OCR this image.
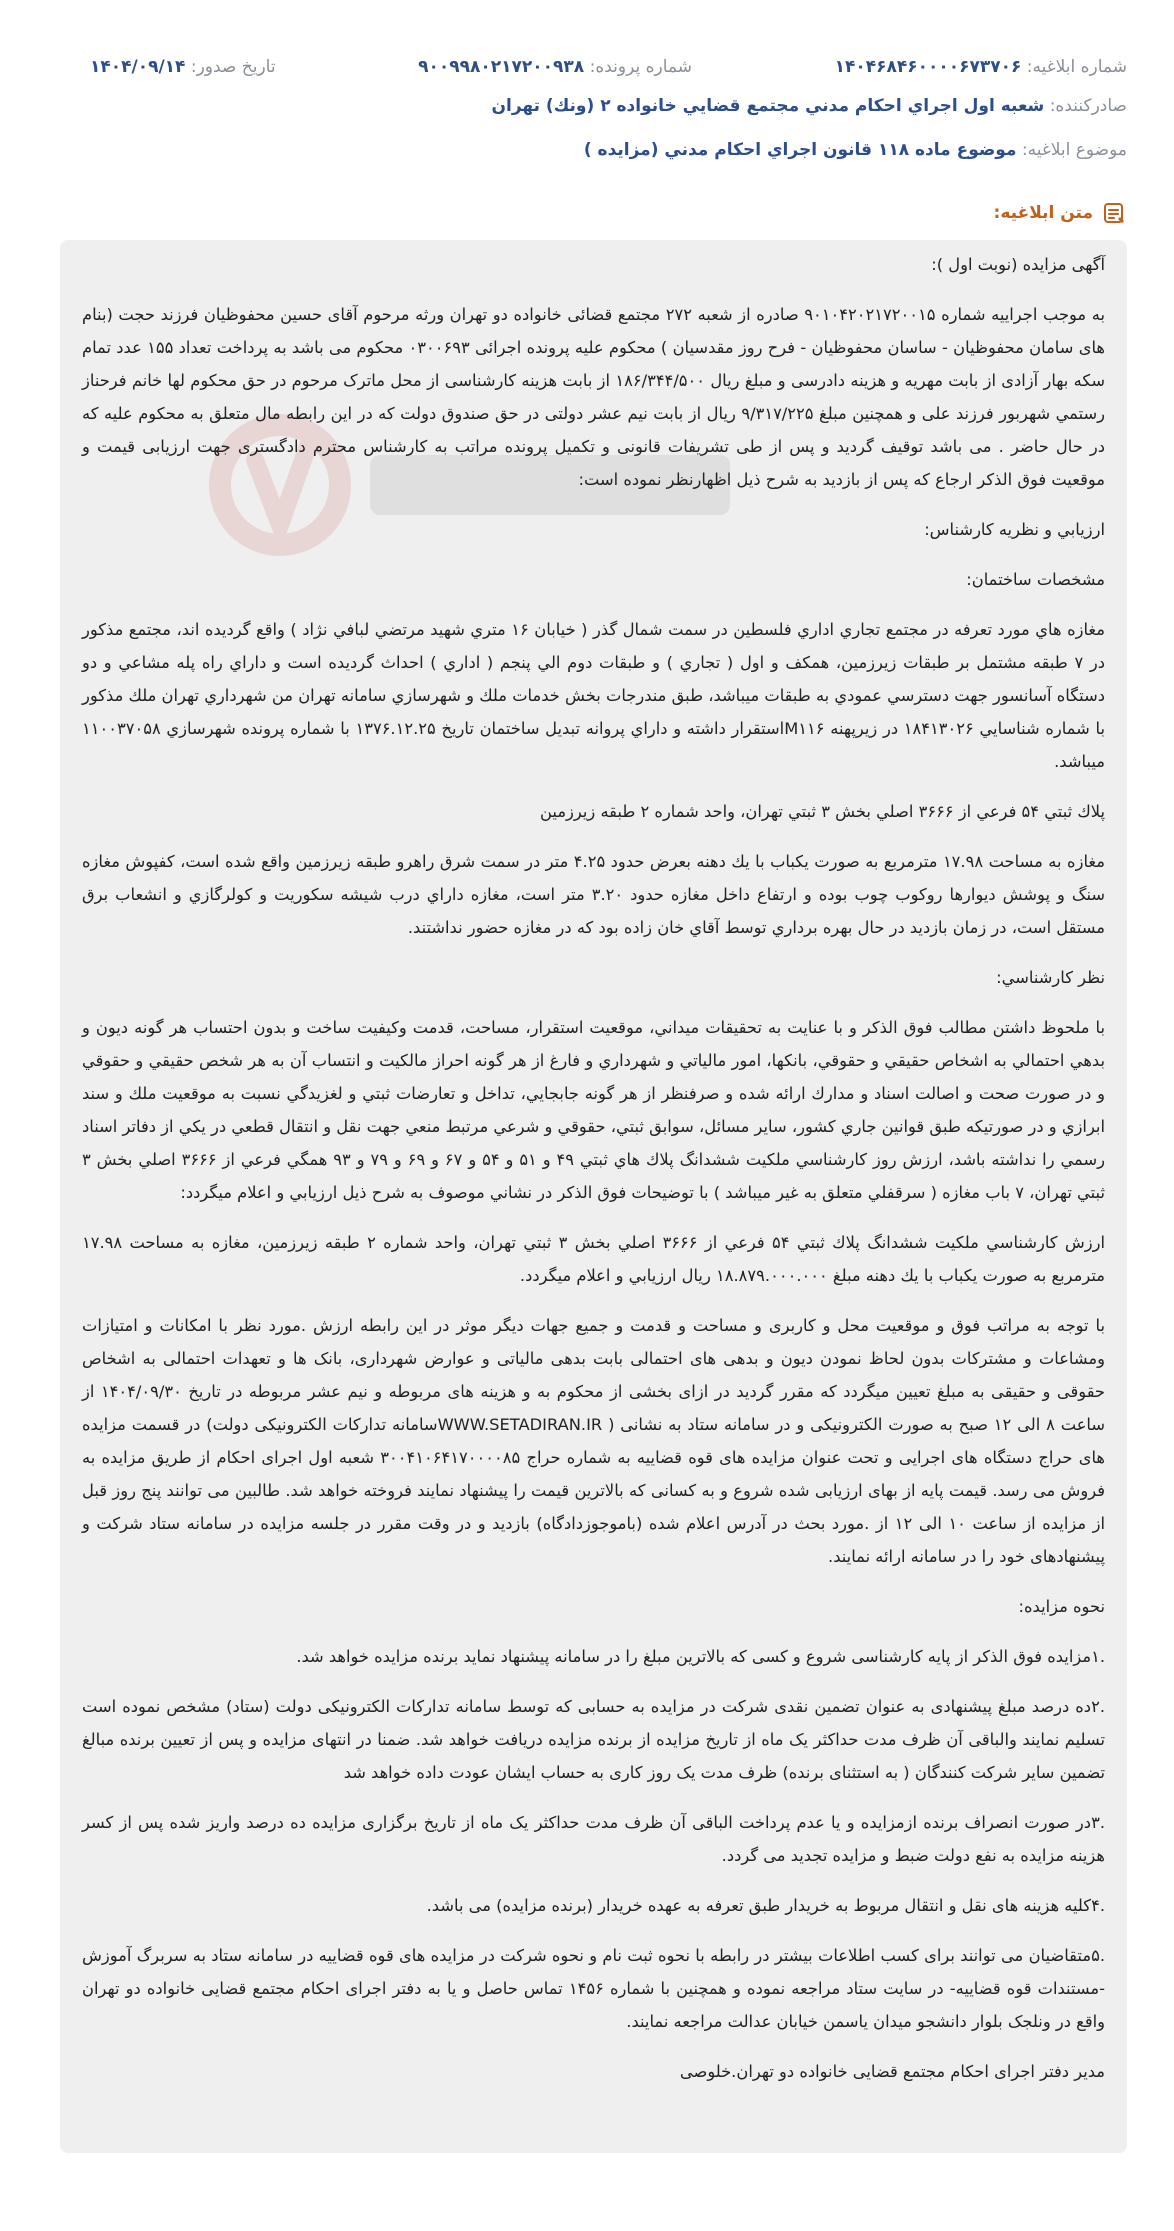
شماره ابلاغيه: ۱۴۰۴۶۸۴۶۰۰۰۰۶۷۳۷۰۶
شماره پرونده: ۹۰۰۹۹۸۰۲۱۷۲۰۰۹۳۸
تاريخ صدور: ۱۴۰۴/۰۹/۱۴
صادرکننده: شعبه اول اجراي احكام مدني مجتمع قضايي خانواده ۲ (ونك) تهران
موضوع ابلاغیه: موضوع ماده ۱۱۸ قانون اجراي احكام مدني (مزايده )
متن ابلاغیه:

آگهی مزایده (نوبت اول ):

به موجب اجراييه شماره ۹۰۱۰۴۲۰۲۱۷۲۰۰۱۵ صادره از شعبه ۲۷۲ مجتمع قضائی خانواده دو تهران ورثه مرحوم آقای حسین محفوظیان فرزند حجت (بنام های سامان محفوظیان - ساسان محفوظیان - فرح روز مقدسیان ) محکوم علیه پرونده اجرائی ۰۳۰۰۶۹۳ محکوم می باشد به پرداخت تعداد ۱۵۵ عدد تمام سکه بهار آزادی از بابت مهریه و هزینه دادرسی و مبلغ ریال ۱۸۶/۳۴۴/۵۰۰ از بابت هزینه کارشناسی از محل ماترک مرحوم در حق محکوم لها خانم فرحناز رستمي شهربور فرزند علی و همچنین مبلغ ۹/۳۱۷/۲۲۵ ریال از بابت نیم عشر دولتی در حق صندوق دولت که در این رابطه مال متعلق به محکوم علیه که در حال حاضر . می باشد توقیف گردید و پس از طی تشریفات قانونی و تکمیل پرونده مراتب به کارشناس محترم دادگستری جهت ارزیابی قیمت و موقعیت فوق الذکر ارجاع که پس از بازدید به شرح ذیل اظهارنظر نموده است:

ارزيابي و نظريه كارشناس:

مشخصات ساختمان:

مغازه هاي مورد تعرفه در مجتمع تجاري اداري فلسطين در سمت شمال گذر ( خيابان ۱۶ متري شهيد مرتضي لبافي نژاد ) واقع گرديده اند، مجتمع مذكور در ۷ طبقه مشتمل بر طبقات زيرزمين، همكف و اول ( تجاري ) و طبقات دوم الي پنجم ( اداري ) احداث گرديده است و داراي راه پله مشاعي و دو دستگاه آسانسور جهت دسترسي عمودي به طبقات ميباشد، طبق مندرجات بخش خدمات ملك و شهرسازي سامانه تهران من شهرداري تهران ملك مذكور با شماره شناسايي ۱۸۴۱۳۰۲۶ در زيرپهنه M۱۱۶استقرار داشته و داراي پروانه تبديل ساختمان تاريخ ۱۳۷۶.۱۲.۲۵ با شماره پرونده شهرسازي ۱۱۰۰۳۷۰۵۸ ميباشد.

پلاك ثبتي ۵۴ فرعي از ۳۶۶۶ اصلي بخش ۳ ثبتي تهران، واحد شماره ۲ طبقه زيرزمين

مغازه به مساحت ۱۷.۹۸ مترمربع به صورت يكباب با يك دهنه بعرض حدود ۴.۲۵ متر در سمت شرق راهرو طبقه زيرزمين واقع شده است، كفپوش مغازه سنگ و پوشش ديوارها روكوب چوب بوده و ارتفاع داخل مغازه حدود ۳.۲۰ متر است، مغازه داراي درب شيشه سكوريت و كولرگازي و انشعاب برق مستقل است، در زمان بازديد در حال بهره برداري توسط آقاي خان زاده بود كه در مغازه حضور نداشتند.

نظر كارشناسي:

با ملحوظ داشتن مطالب فوق الذكر و با عنايت به تحقيقات ميداني، موقعيت استقرار، مساحت، قدمت وكيفيت ساخت و بدون احتساب هر گونه ديون و بدهي احتمالي به اشخاص حقيقي و حقوقي، بانكها، امور مالياتي و شهرداري و فارغ از هر گونه احراز مالكيت و انتساب آن به هر شخص حقيقي و حقوقي و در صورت صحت و اصالت اسناد و مدارك ارائه شده و صرفنظر از هر گونه جابجايي، تداخل و تعارضات ثبتي و لغزيدگي نسبت به موقعيت ملك و سند ابرازي و در صورتيكه طبق قوانين جاري كشور، ساير مسائل، سوابق ثبتي، حقوقي و شرعي مرتبط منعي جهت نقل و انتقال قطعي در يكي از دفاتر اسناد رسمي را نداشته باشد، ارزش روز كارشناسي ملكيت ششدانگ پلاك هاي ثبتي ۴۹ و ۵۱ و ۵۴ و ۶۷ و ۶۹ و ۷۹ و ۹۳ همگي فرعي از ۳۶۶۶ اصلي بخش ۳ ثبتي تهران، ۷ باب مغازه ( سرقفلي متعلق به غير ميباشد ) با توضيحات فوق الذكر در نشاني موصوف به شرح ذيل ارزيابي و اعلام ميگردد:

ارزش كارشناسي ملكيت ششدانگ پلاك ثبتي ۵۴ فرعي از ۳۶۶۶ اصلي بخش ۳ ثبتي تهران، واحد شماره ۲ طبقه زيرزمين، مغازه به مساحت ۱۷.۹۸ مترمربع به صورت يكباب با يك دهنه مبلغ ۱۸.۸۷۹.۰۰۰.۰۰۰ ريال ارزيابي و اعلام ميگردد.

با توجه به مراتب فوق و موقعیت محل و کاربری و مساحت و قدمت و جمیع جهات دیگر موثر در این رابطه ارزش .مورد نظر با امکانات و امتیازات ومشاعات و مشترکات بدون لحاظ نمودن دیون و بدهی های احتمالی بابت بدهی مالیاتی و عوارض شهرداری، بانک ها و تعهدات احتمالی به اشخاص حقوقی و حقیقی به مبلغ تعیین میگردد که مقرر گردید در ازای بخشی از محکوم به و هزینه های مربوطه و نیم عشر مربوطه در تاریخ ۱۴۰۴/۰۹/۳۰ از ساعت ۸ الی ۱۲ صبح به صورت الکترونیکی و در سامانه ستاد به نشانی ( WWW.SETADIRAN.IRسامانه تدارکات الکترونیکی دولت) در قسمت مزایده های حراج دستگاه های اجرایی و تحت عنوان مزایده های قوه قضاییه به شماره حراج ۳۰۰۴۱۰۶۴۱۷۰۰۰۰۸۵ شعبه اول اجرای احکام از طریق مزایده به فروش می رسد. قیمت پایه از بهای ارزیابی شده شروع و به کسانی که بالاترین قیمت را پیشنهاد نمایند فروخته خواهد شد. طالبین می توانند پنج روز قبل از مزایده از ساعت ۱۰ الی ۱۲ از .مورد بحث در آدرس اعلام شده (باموجوزدادگاه) بازدید و در وقت مقرر در جلسه مزایده در سامانه ستاد شرکت و پیشنهادهای خود را در سامانه ارائه نمایند.

نحوه مزایده:

.۱مزایده فوق الذکر از پایه کارشناسی شروع و کسی که بالاترین مبلغ را در سامانه پیشنهاد نماید برنده مزایده خواهد شد.

.۲ده درصد مبلغ پیشنهادی به عنوان تضمین نقدی شرکت در مزایده به حسابی که توسط سامانه تدارکات الکترونیکی دولت (ستاد) مشخص نموده است تسلیم نمایند والباقی آن ظرف مدت حداکثر یک ماه از تاریخ مزایده از برنده مزایده دریافت خواهد شد. ضمنا در انتهای مزایده و پس از تعیین برنده مبالغ تضمین سایر شرکت کنندگان ( به استثنای برنده) ظرف مدت یک روز کاری به حساب ایشان عودت داده خواهد شد

.۳در صورت انصراف برنده ازمزایده و یا عدم پرداخت الباقی آن ظرف مدت حداکثر یک ماه از تاریخ برگزاری مزایده ده درصد واریز شده پس از کسر هزینه مزایده به نفع دولت ضبط و مزایده تجدید می گردد.

.۴کلیه هزینه های نقل و انتقال مربوط به خریدار طبق تعرفه به عهده خریدار (برنده مزایده) می باشد.

.۵متقاضیان می توانند برای کسب اطلاعات بیشتر در رابطه با نحوه ثبت نام و نحوه شرکت در مزایده های قوه قضاییه در سامانه ستاد به سربرگ آموزش -مستندات قوه قضاییه- در سایت ستاد مراجعه نموده و همچنین با شماره ۱۴۵۶ تماس حاصل و یا به دفتر اجرای احکام مجتمع قضایی خانواده دو تهران واقع در ونلجک بلوار دانشجو میدان یاسمن خیابان عدالت مراجعه نمایند.

مدیر دفتر اجرای احکام مجتمع قضایی خانواده دو تهران.خلوصی
